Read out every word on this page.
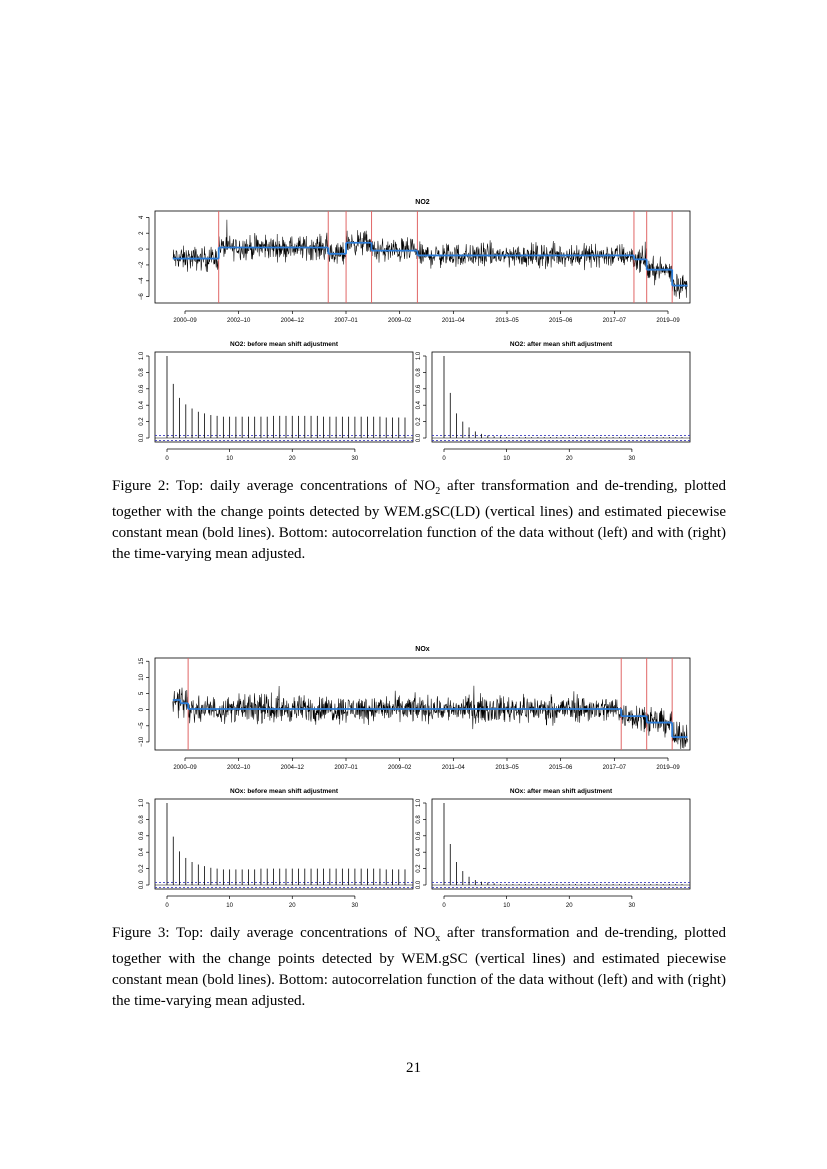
NO2
2000–09	2002–10	2004–12	2007–01	2009–02	2011–04	2013–05	2015–06	2017–07	2019–09
4
2
0
−2
−4
−6
NO2: before mean shift adjustment
0	10	20	30
0.0
0.2
0.4
0.6
0.8
1.0
NO2: after mean shift adjustment
0	10	20	30
0.0
0.2
0.4
0.6
0.8
1.0
Figure 2: Top: daily average concentrations of $NO_2$ after transformation and de-trending, plotted together with the change points detected by WEM.gSC(LD) (vertical lines) and estimated piecewise constant mean (bold lines). Bottom: autocorrelation function of the data without (left) and with (right) the time-varying mean adjusted.
NOx
2000–09	2002–10	2004–12	2007–01	2009–02	2011–04	2013–05	2015–06	2017–07	2019–09
15
10
5
0
−5
−10
NOx: before mean shift adjustment
0	10	20	30
0.0
0.2
0.4
0.6
0.8
1.0
NOx: after mean shift adjustment
0	10	20	30
0.0
0.2
0.4
0.6
0.8
1.0
Figure 3: Top: daily average concentrations of $NO_x$ after transformation and de-trending, plotted together with the change points detected by WEM.gSC (vertical lines) and estimated piecewise constant mean (bold lines). Bottom: autocorrelation function of the data without (left) and with (right) the time-varying mean adjusted.
21
